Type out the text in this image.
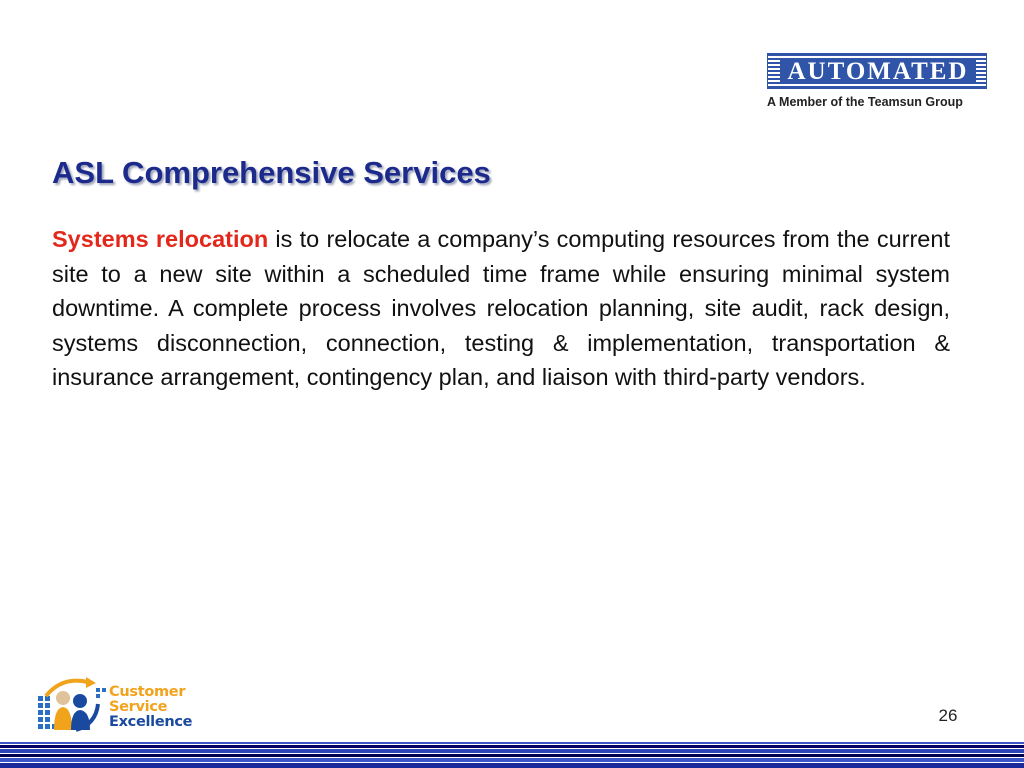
AUTOMATED
A Member of the Teamsun Group
ASL Comprehensive Services

Systems relocation is to relocate a company’s computing resources from the current site to a new site within a scheduled time frame while ensuring minimal system downtime. A complete process involves relocation planning, site audit, rack design, systems disconnection, connection, testing & implementation, transportation & insurance arrangement, contingency plan, and liaison with third-party vendors.

Customer
Service
Excellence	26
